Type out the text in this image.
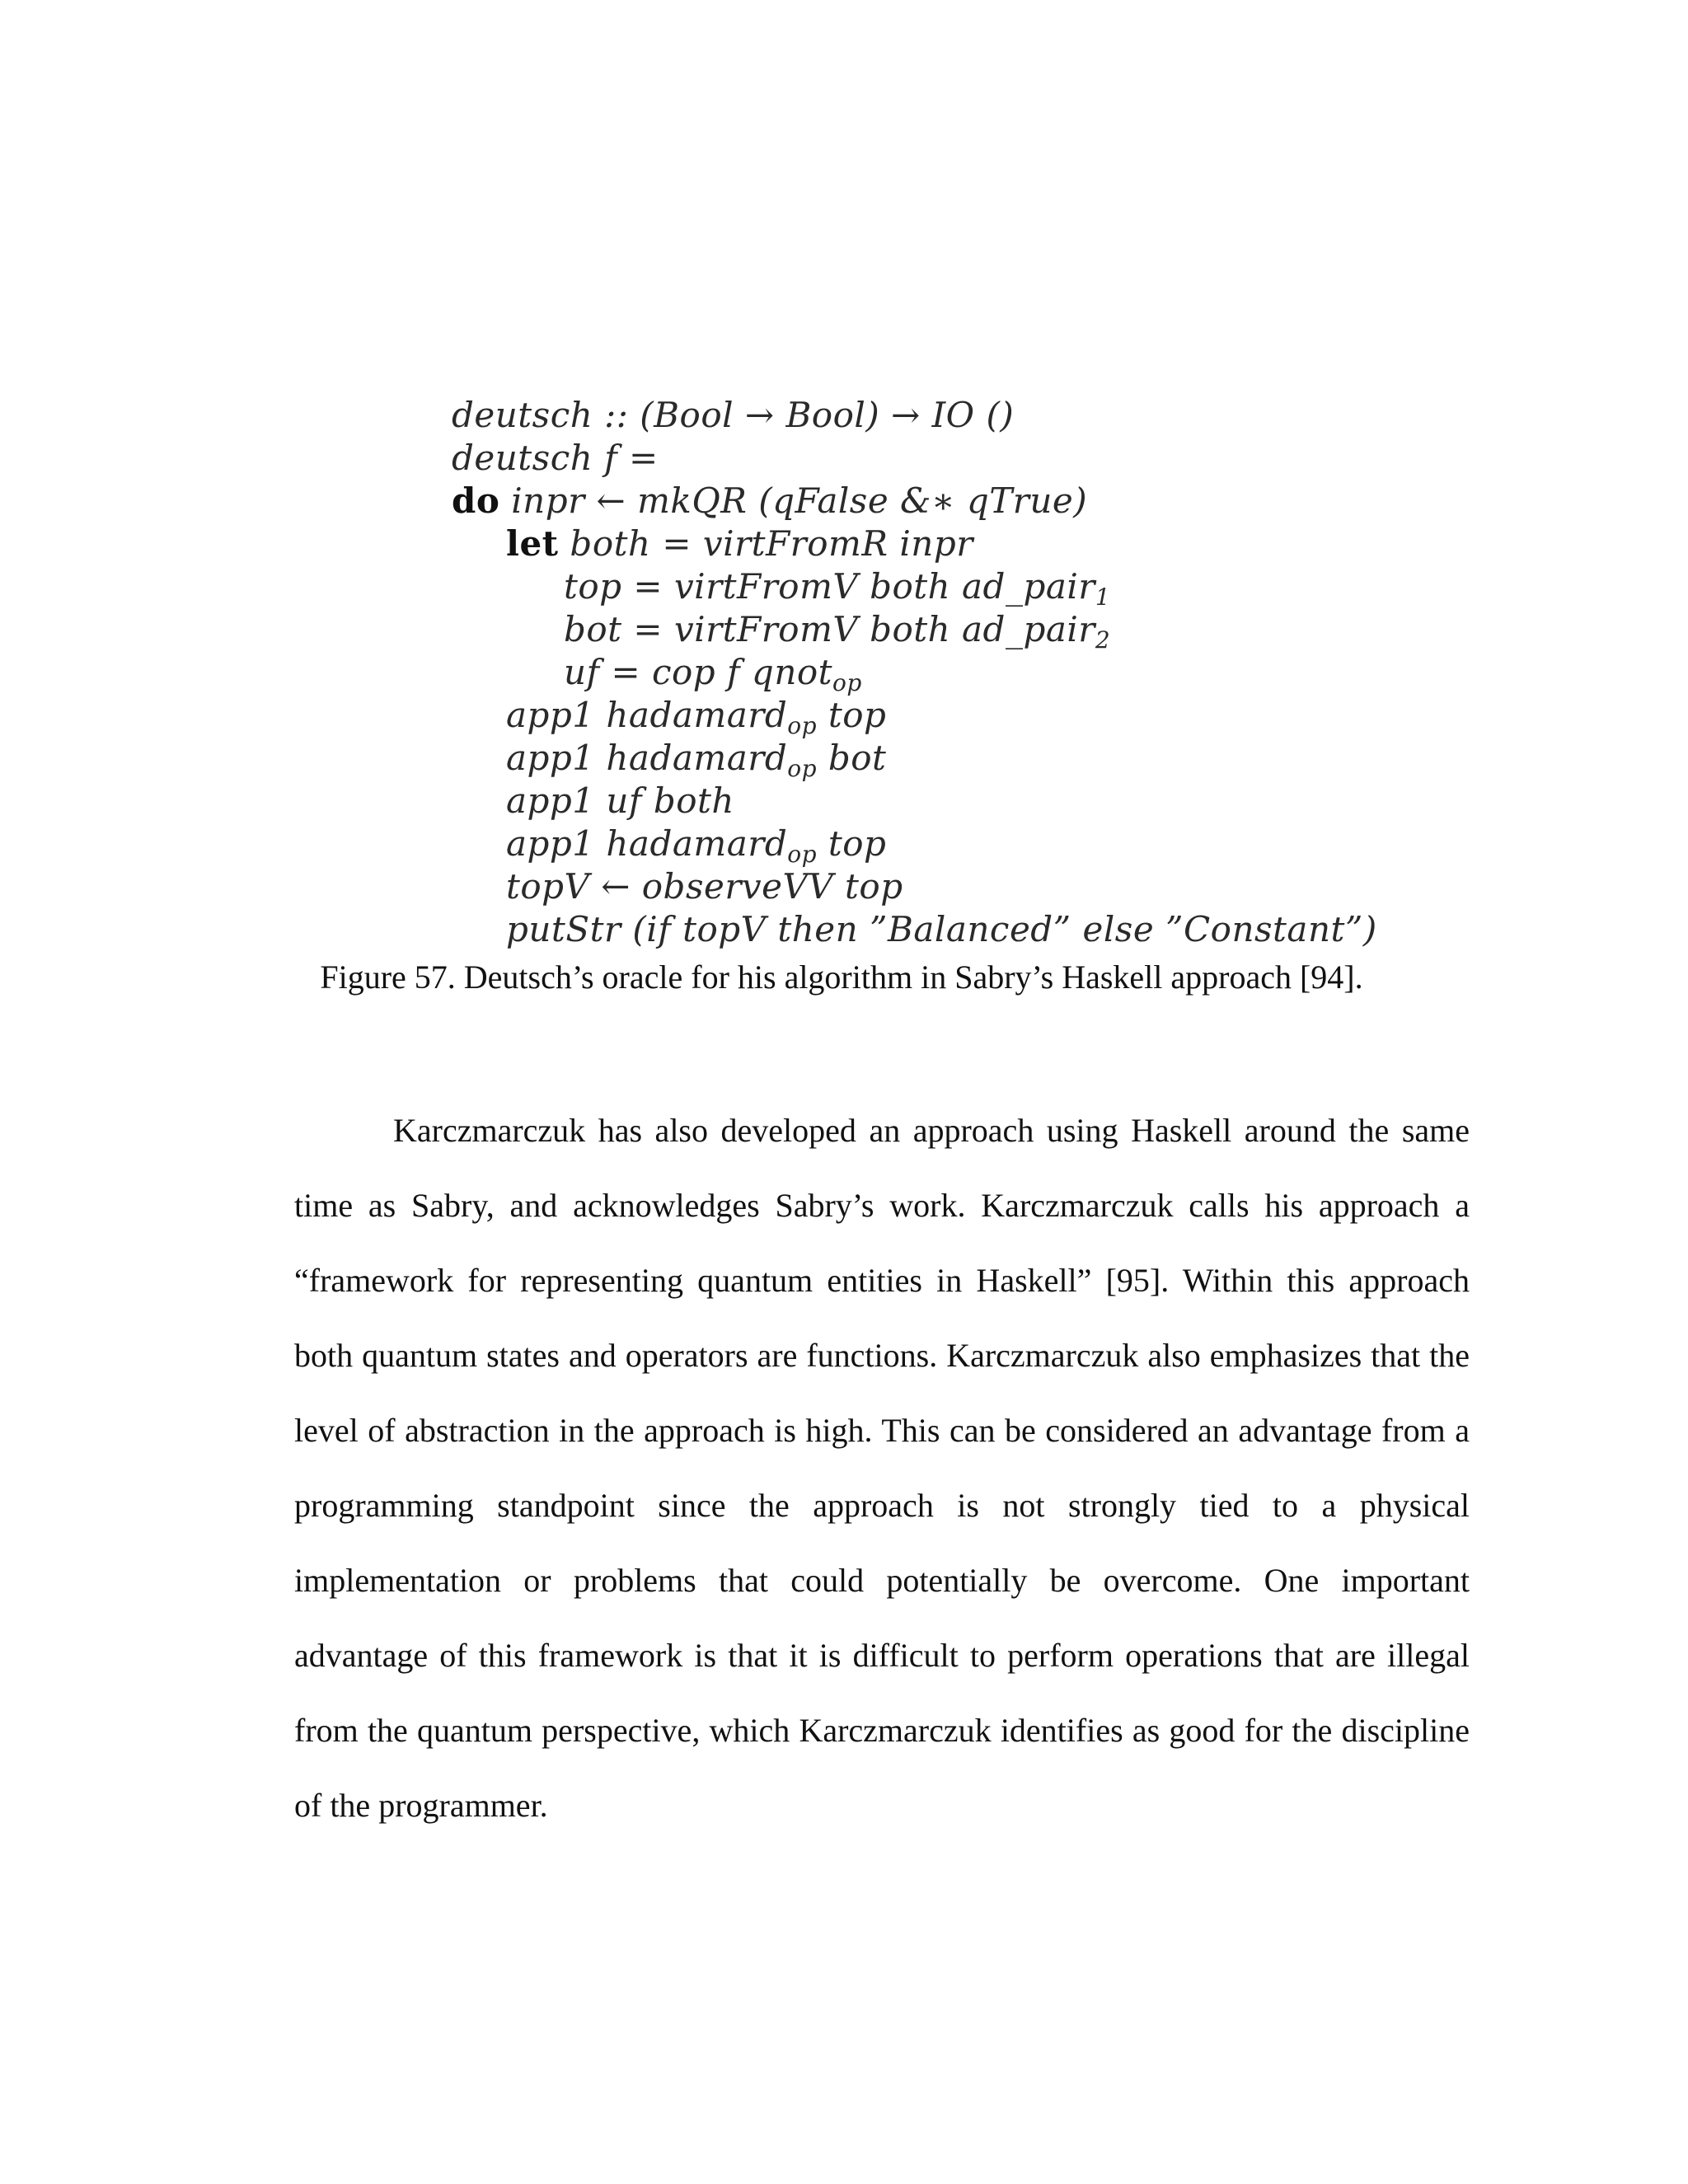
deutsch :: (Bool → Bool) → IO ()
deutsch f =
do inpr ← mkQR (qFalse &∗ qTrue)
let both = virtFromR inpr
top = virtFromV both ad_pair$_1$
bot = virtFromV both ad_pair$_2$
uf = cop f qnot$_{op}$
app1 hadamard$_{op}$ top
app1 hadamard$_{op}$ bot
app1 uf both
app1 hadamard$_{op}$ top
topV ← observeVV top
putStr (if topV then ”Balanced” else ”Constant”)
Figure 57. Deutsch’s oracle for his algorithm in Sabry’s Haskell approach [94].

Karczmarczuk has also developed an approach using Haskell around the same time as Sabry, and acknowledges Sabry’s work. Karczmarczuk calls his approach a “framework for representing quantum entities in Haskell” [95]. Within this approach both quantum states and operators are functions. Karczmarczuk also emphasizes that the level of abstraction in the approach is high. This can be considered an advantage from a programming standpoint since the approach is not strongly tied to a physical implementation or problems that could potentially be overcome. One important advantage of this framework is that it is difficult to perform operations that are illegal from the quantum perspective, which Karczmarczuk identifies as good for the discipline of the programmer.
